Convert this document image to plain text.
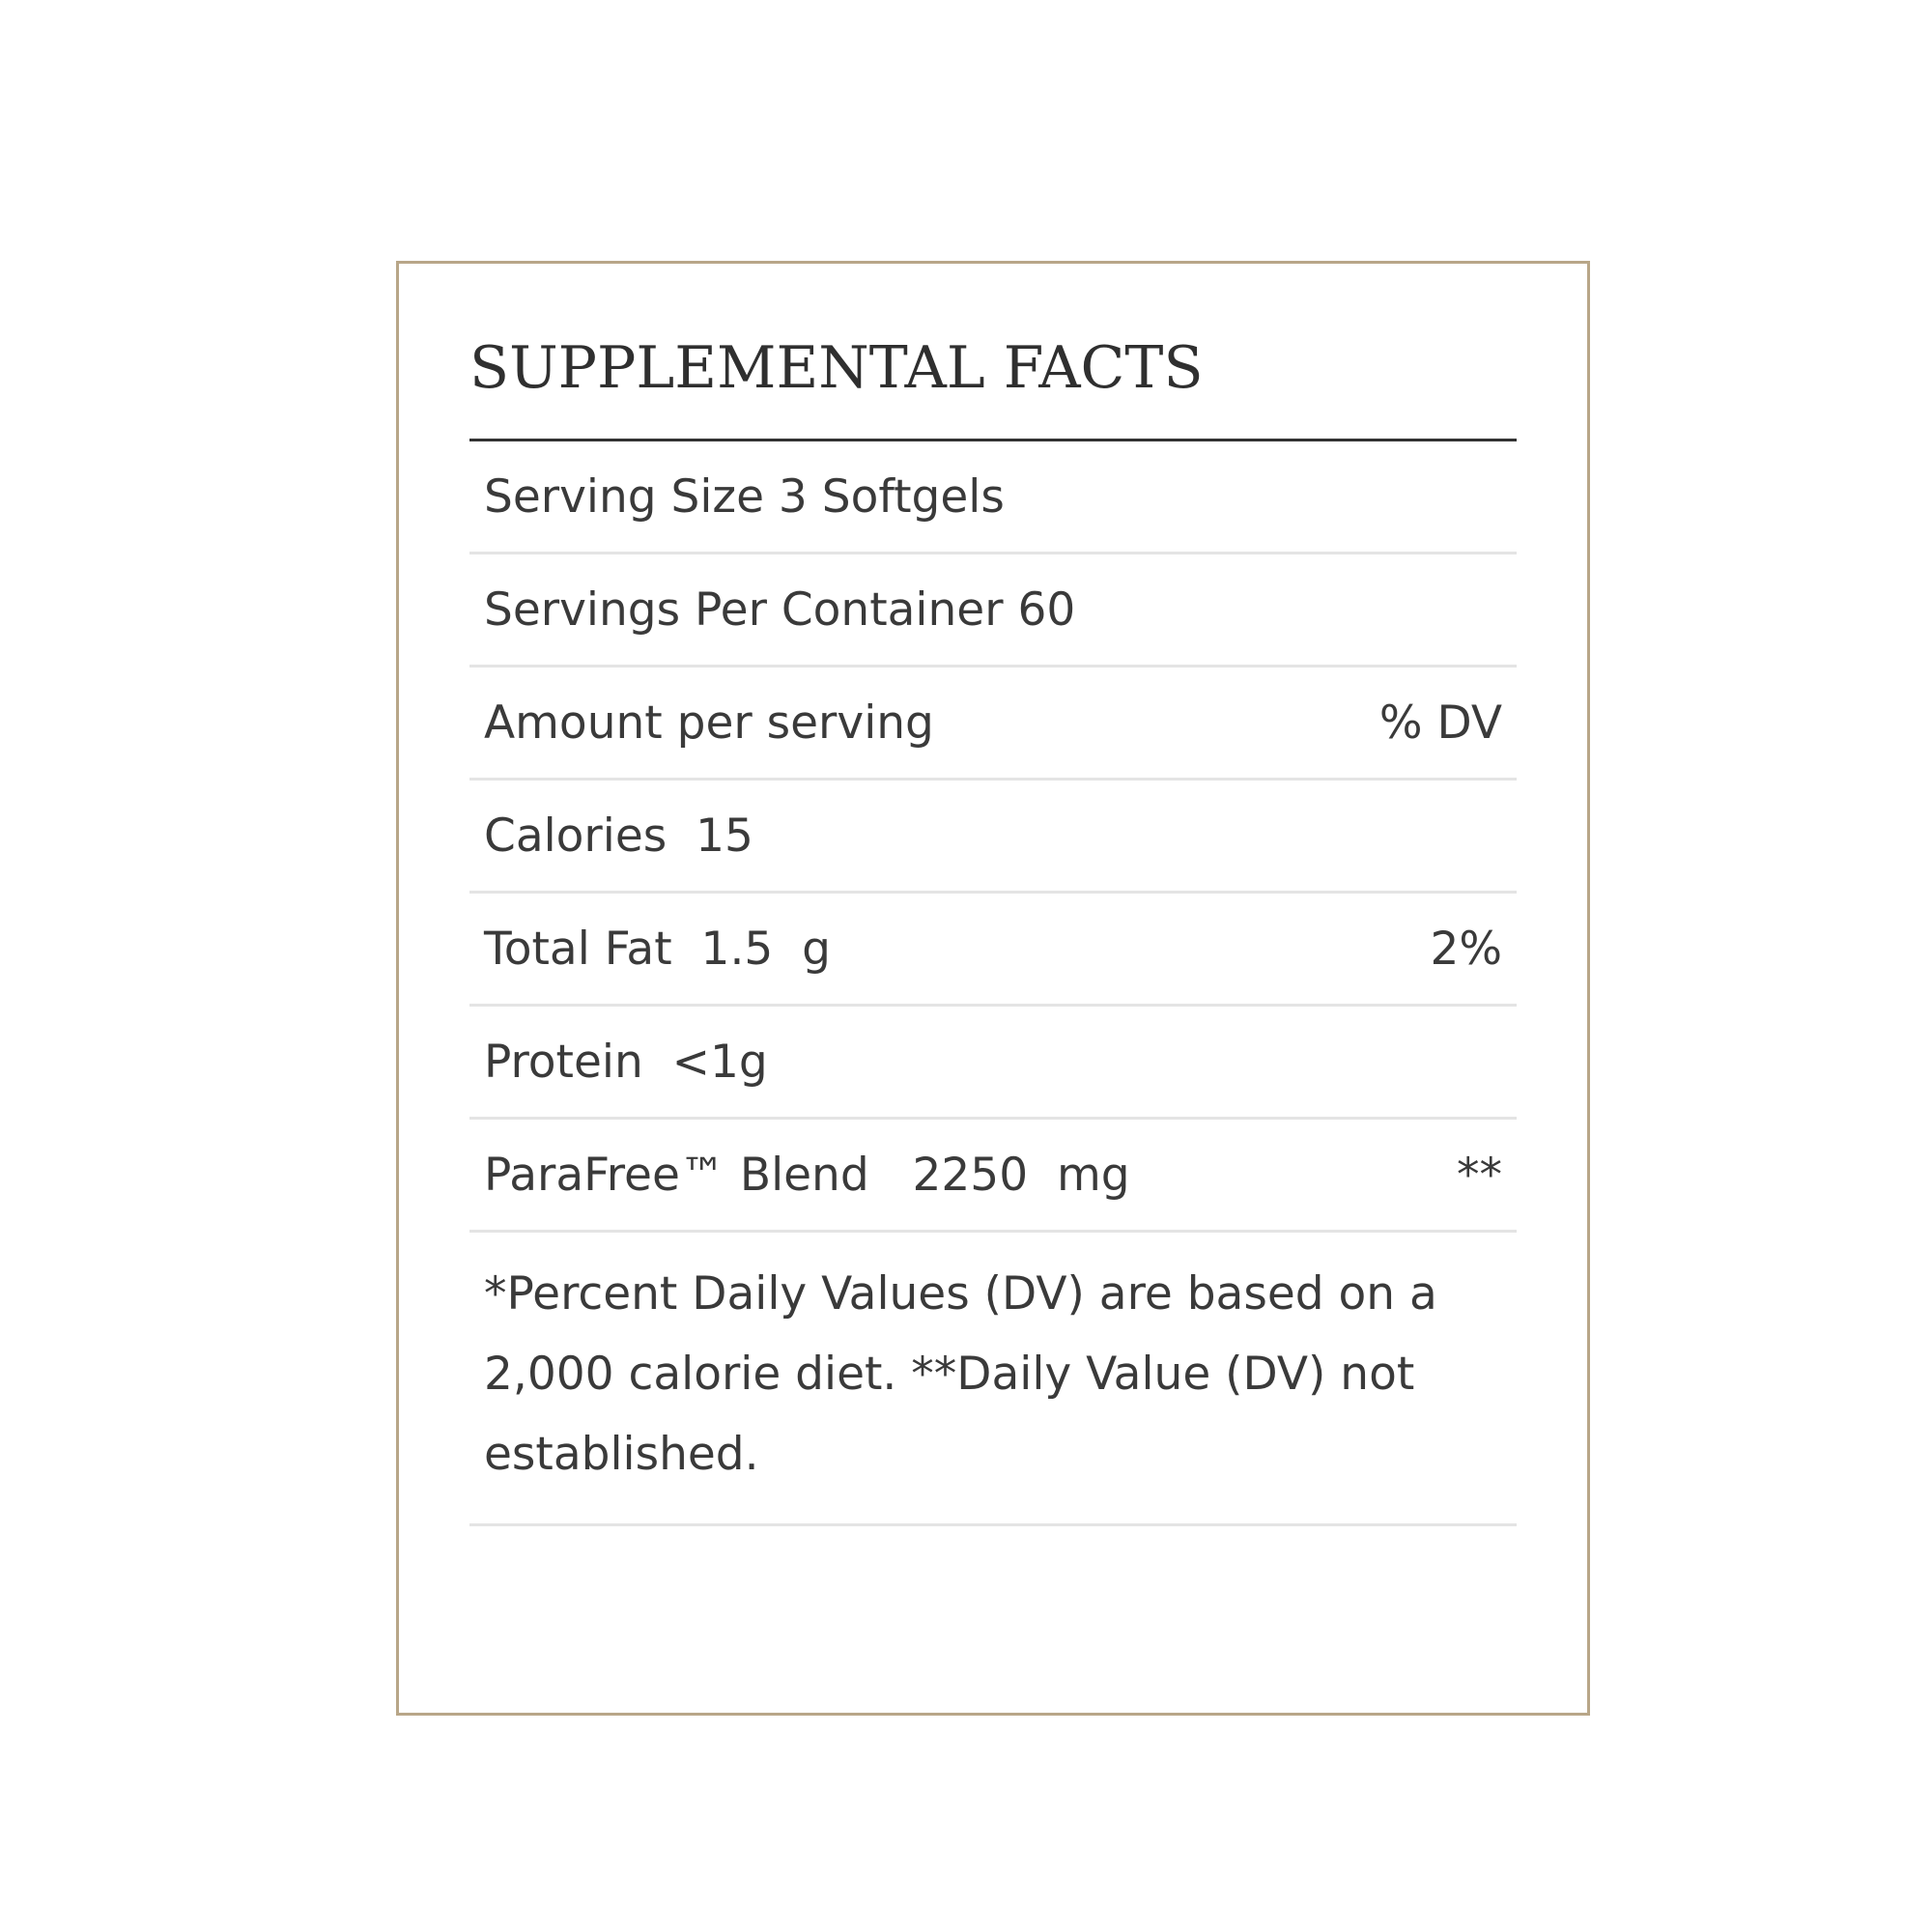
SUPPLEMENTAL FACTS
Serving Size 3 Softgels
Servings Per Container 60
Amount per serving	% DV
Calories  15
Total Fat  1.5  g	2%
Protein  <1g
ParaFree™ Blend   2250  mg	**
*Percent Daily Values (DV) are based on a 2,000 calorie diet. **Daily Value (DV) not established.
